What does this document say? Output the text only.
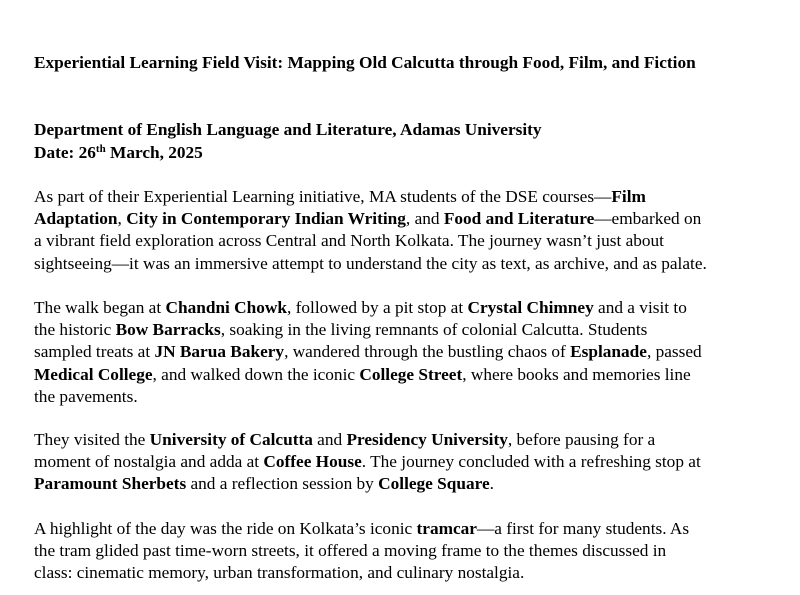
Experiential Learning Field Visit: Mapping Old Calcutta through Food, Film, and Fiction
Department of English Language and Literature, Adamas University
Date: 26th March, 2025
As part of their Experiential Learning initiative, MA students of the DSE courses—Film
Adaptation, City in Contemporary Indian Writing, and Food and Literature—embarked on
a vibrant field exploration across Central and North Kolkata. The journey wasn’t just about
sightseeing—it was an immersive attempt to understand the city as text, as archive, and as palate.
The walk began at Chandni Chowk, followed by a pit stop at Crystal Chimney and a visit to
the historic Bow Barracks, soaking in the living remnants of colonial Calcutta. Students
sampled treats at JN Barua Bakery, wandered through the bustling chaos of Esplanade, passed
Medical College, and walked down the iconic College Street, where books and memories line
the pavements.
They visited the University of Calcutta and Presidency University, before pausing for a
moment of nostalgia and adda at Coffee House. The journey concluded with a refreshing stop at
Paramount Sherbets and a reflection session by College Square.
A highlight of the day was the ride on Kolkata’s iconic tramcar—a first for many students. As
the tram glided past time-worn streets, it offered a moving frame to the themes discussed in
class: cinematic memory, urban transformation, and culinary nostalgia.
